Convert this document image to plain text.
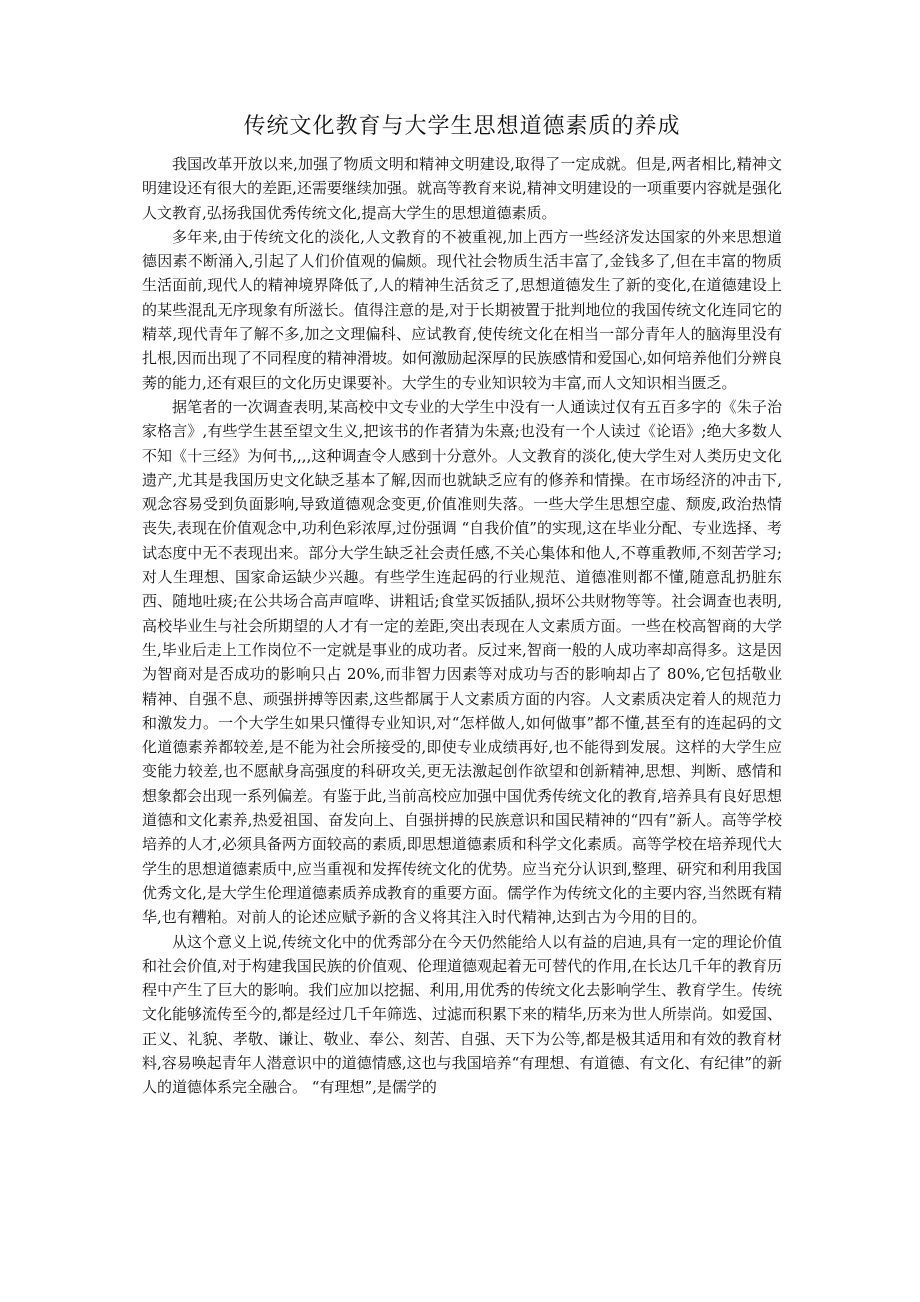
传统文化教育与大学生思想道德素质的养成

我国改革开放以来,加强了物质文明和精神文明建设,取得了一定成就。但是,两者相比,精神文明建设还有很大的差距,还需要继续加强。就高等教育来说,精神文明建设的一项重要内容就是强化人文教育,弘扬我国优秀传统文化,提高大学生的思想道德素质。

多年来,由于传统文化的淡化,人文教育的不被重视,加上西方一些经济发达国家的外来思想道德因素不断涌入,引起了人们价值观的偏颇。现代社会物质生活丰富了,金钱多了,但在丰富的物质生活面前,现代人的精神境界降低了,人的精神生活贫乏了,思想道德发生了新的变化,在道德建设上的某些混乱无序现象有所滋长。值得注意的是,对于长期被置于批判地位的我国传统文化连同它的精萃,现代青年了解不多,加之文理偏科、应试教育,使传统文化在相当一部分青年人的脑海里没有扎根,因而出现了不同程度的精神滑坡。如何激励起深厚的民族感情和爱国心,如何培养他们分辨良莠的能力,还有艰巨的文化历史课要补。大学生的专业知识较为丰富,而人文知识相当匮乏。

据笔者的一次调查表明,某高校中文专业的大学生中没有一人通读过仅有五百多字的《朱子治家格言》,有些学生甚至望文生义,把该书的作者猜为朱熹;也没有一个人读过《论语》;绝大多数人不知《十三经》为何书,,,,这种调查令人感到十分意外。人文教育的淡化,使大学生对人类历史文化遗产,尤其是我国历史文化缺乏基本了解,因而也就缺乏应有的修养和情操。在市场经济的冲击下,观念容易受到负面影响,导致道德观念变更,价值准则失落。一些大学生思想空虚、颓废,政治热情丧失,表现在价值观念中,功利色彩浓厚,过份强调 “自我价值”的实现,这在毕业分配、专业选择、考试态度中无不表现出来。部分大学生缺乏社会责任感,不关心集体和他人,不尊重教师,不刻苦学习;对人生理想、国家命运缺少兴趣。有些学生连起码的行业规范、道德准则都不懂,随意乱扔脏东西、随地吐痰;在公共场合高声喧哗、讲粗话;食堂买饭插队,损坏公共财物等等。社会调查也表明,高校毕业生与社会所期望的人才有一定的差距,突出表现在人文素质方面。一些在校高智商的大学生,毕业后走上工作岗位不一定就是事业的成功者。反过来,智商一般的人成功率却高得多。这是因为智商对是否成功的影响只占 20%,而非智力因素等对成功与否的影响却占了 80%,它包括敬业精神、自强不息、顽强拼搏等因素,这些都属于人文素质方面的内容。人文素质决定着人的规范力和激发力。一个大学生如果只懂得专业知识,对“怎样做人,如何做事”都不懂,甚至有的连起码的文化道德素养都较差,是不能为社会所接受的,即使专业成绩再好,也不能得到发展。这样的大学生应变能力较差,也不愿献身高强度的科研攻关,更无法激起创作欲望和创新精神,思想、判断、感情和想象都会出现一系列偏差。有鉴于此,当前高校应加强中国优秀传统文化的教育,培养具有良好思想道德和文化素养,热爱祖国、奋发向上、自强拼搏的民族意识和国民精神的“四有”新人。高等学校培养的人才,必须具备两方面较高的素质,即思想道德素质和科学文化素质。高等学校在培养现代大学生的思想道德素质中,应当重视和发挥传统文化的优势。应当充分认识到,整理、研究和利用我国优秀文化,是大学生伦理道德素质养成教育的重要方面。儒学作为传统文化的主要内容,当然既有精华,也有糟粕。对前人的论述应赋予新的含义将其注入时代精神,达到古为今用的目的。

从这个意义上说,传统文化中的优秀部分在今天仍然能给人以有益的启迪,具有一定的理论价值和社会价值,对于构建我国民族的价值观、伦理道德观起着无可替代的作用,在长达几千年的教育历程中产生了巨大的影响。我们应加以挖掘、利用,用优秀的传统文化去影响学生、教育学生。传统文化能够流传至今的,都是经过几千年筛选、过滤而积累下来的精华,历来为世人所崇尚。如爱国、正义、礼貌、孝敬、谦让、敬业、奉公、刻苦、自强、天下为公等,都是极其适用和有效的教育材料,容易唤起青年人潜意识中的道德情感,这也与我国培养“有理想、有道德、有文化、有纪律”的新人的道德体系完全融合。 “有理想”,是儒学的
